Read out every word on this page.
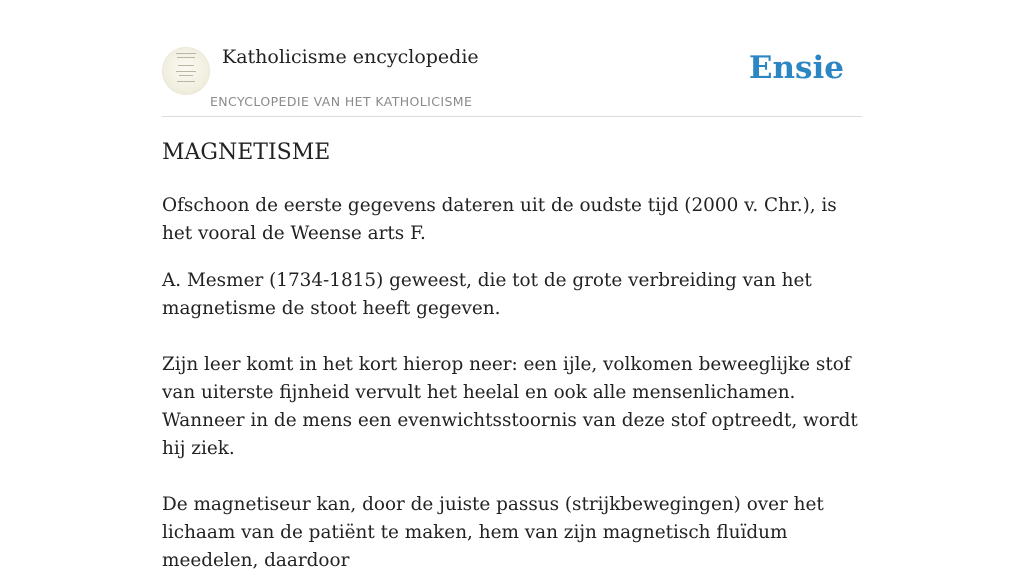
Katholicisme encyclopedie
ENCYCLOPEDIE VAN HET KATHOLICISME
Ensie
MAGNETISME

Ofschoon de eerste gegevens dateren uit de oudste tijd (2000 v. Chr.), is het vooral de Weense arts F.

A. Mesmer (1734-1815) geweest, die tot de grote verbreiding van het magnetisme de stoot heeft gegeven.

Zijn leer komt in het kort hierop neer: een ijle, volkomen beweeglijke stof van uiterste fijnheid vervult het heelal en ook alle mensenlichamen. Wanneer in de mens een evenwichtsstoornis van deze stof optreedt, wordt hij ziek.

De magnetiseur kan, door de juiste passus (strijkbewegingen) over het lichaam van de patiënt te maken, hem van zijn magnetisch fluïdum meedelen, daardoor
